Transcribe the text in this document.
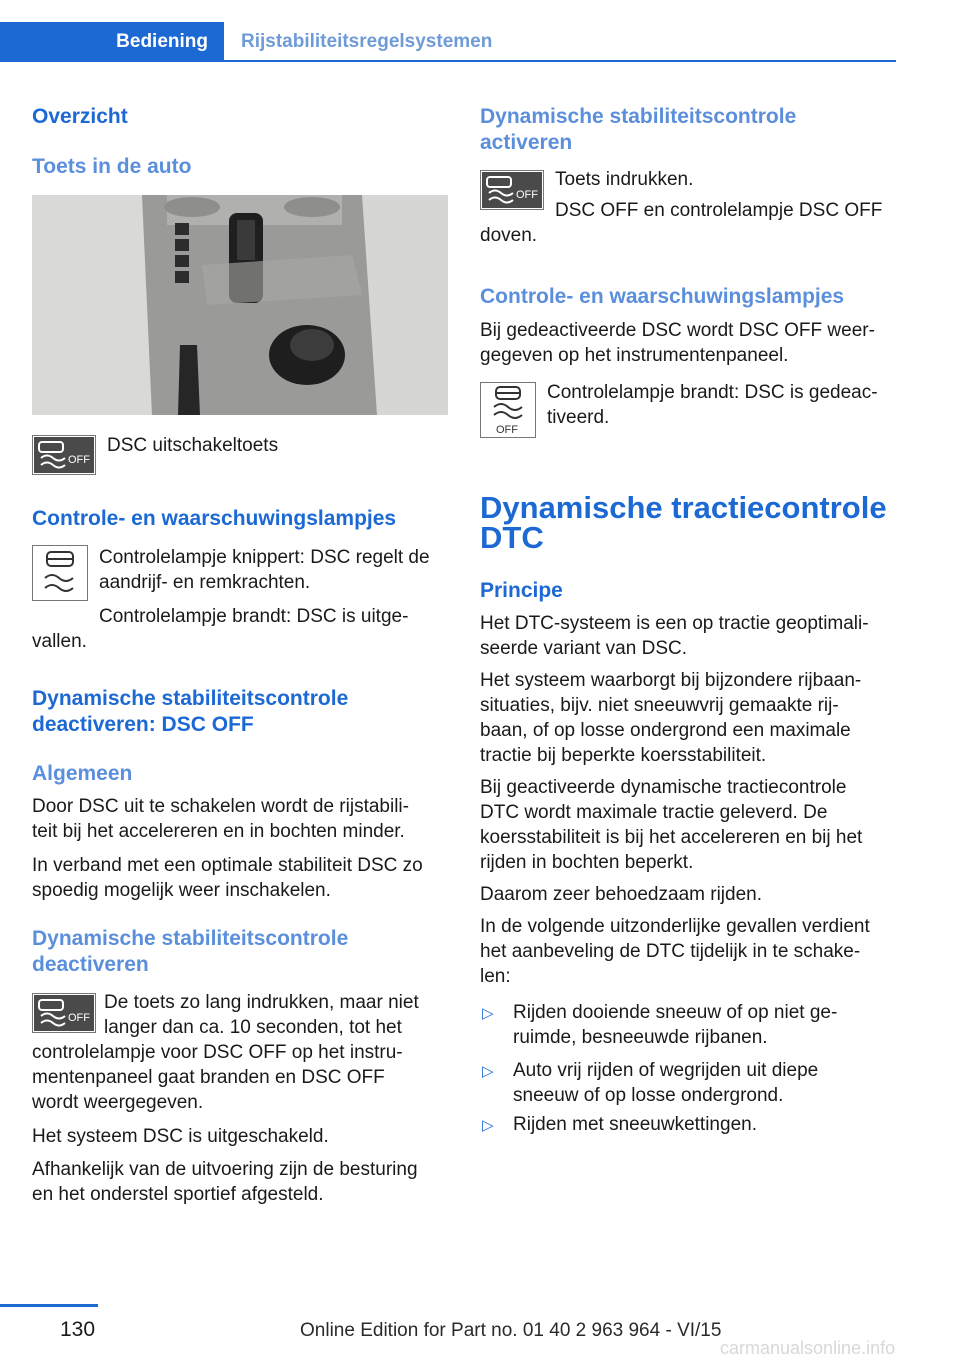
Bediening	Rijstabiliteitsregelsystemen
Overzicht
Toets in de auto
OFF
DSC uitschakeltoets
Controle- en waarschuwingslampjes
Controlelampje knippert: DSC regelt de
aandrijf- en remkrachten.
Controlelampje brandt: DSC is uitge-
vallen.
Dynamische stabiliteitscontrole
deactiveren: DSC OFF
Algemeen
Door DSC uit te schakelen wordt de rijstabili-
teit bij het accelereren en in bochten minder.
In verband met een optimale stabiliteit DSC zo
spoedig mogelijk weer inschakelen.
Dynamische stabiliteitscontrole
deactiveren
OFF
De toets zo lang indrukken, maar niet
langer dan ca. 10 seconden, tot het
controlelampje voor DSC OFF op het instru-
mentenpaneel gaat branden en DSC OFF
wordt weergegeven.
Het systeem DSC is uitgeschakeld.
Afhankelijk van de uitvoering zijn de besturing
en het onderstel sportief afgesteld.
Dynamische stabiliteitscontrole
activeren
OFF
Toets indrukken.
DSC OFF en controlelampje DSC OFF
doven.
Controle- en waarschuwingslampjes
Bij gedeactiveerde DSC wordt DSC OFF weer-
gegeven op het instrumentenpaneel.
OFF
Controlelampje brandt: DSC is gedeac-
tiveerd.
Dynamische tractiecontrole
DTC
Principe
Het DTC-systeem is een op tractie geoptimali-
seerde variant van DSC.
Het systeem waarborgt bij bijzondere rijbaan-
situaties, bijv. niet sneeuwvrij gemaakte rij-
baan, of op losse ondergrond een maximale
tractie bij beperkte koersstabiliteit.
Bij geactiveerde dynamische tractiecontrole
DTC wordt maximale tractie geleverd. De
koersstabiliteit is bij het accelereren en bij het
rijden in bochten beperkt.
Daarom zeer behoedzaam rijden.
In de volgende uitzonderlijke gevallen verdient
het aanbeveling de DTC tijdelijk in te schake-
len:
▷ Rijden dooiende sneeuw of op niet ge-
ruimde, besneeuwde rijbanen.
▷ Auto vrij rijden of wegrijden uit diepe
sneeuw of op losse ondergrond.
▷ Rijden met sneeuwkettingen.
130	Online Edition for Part no. 01 40 2 963 964 - VI/15
carmanualsonline.info
